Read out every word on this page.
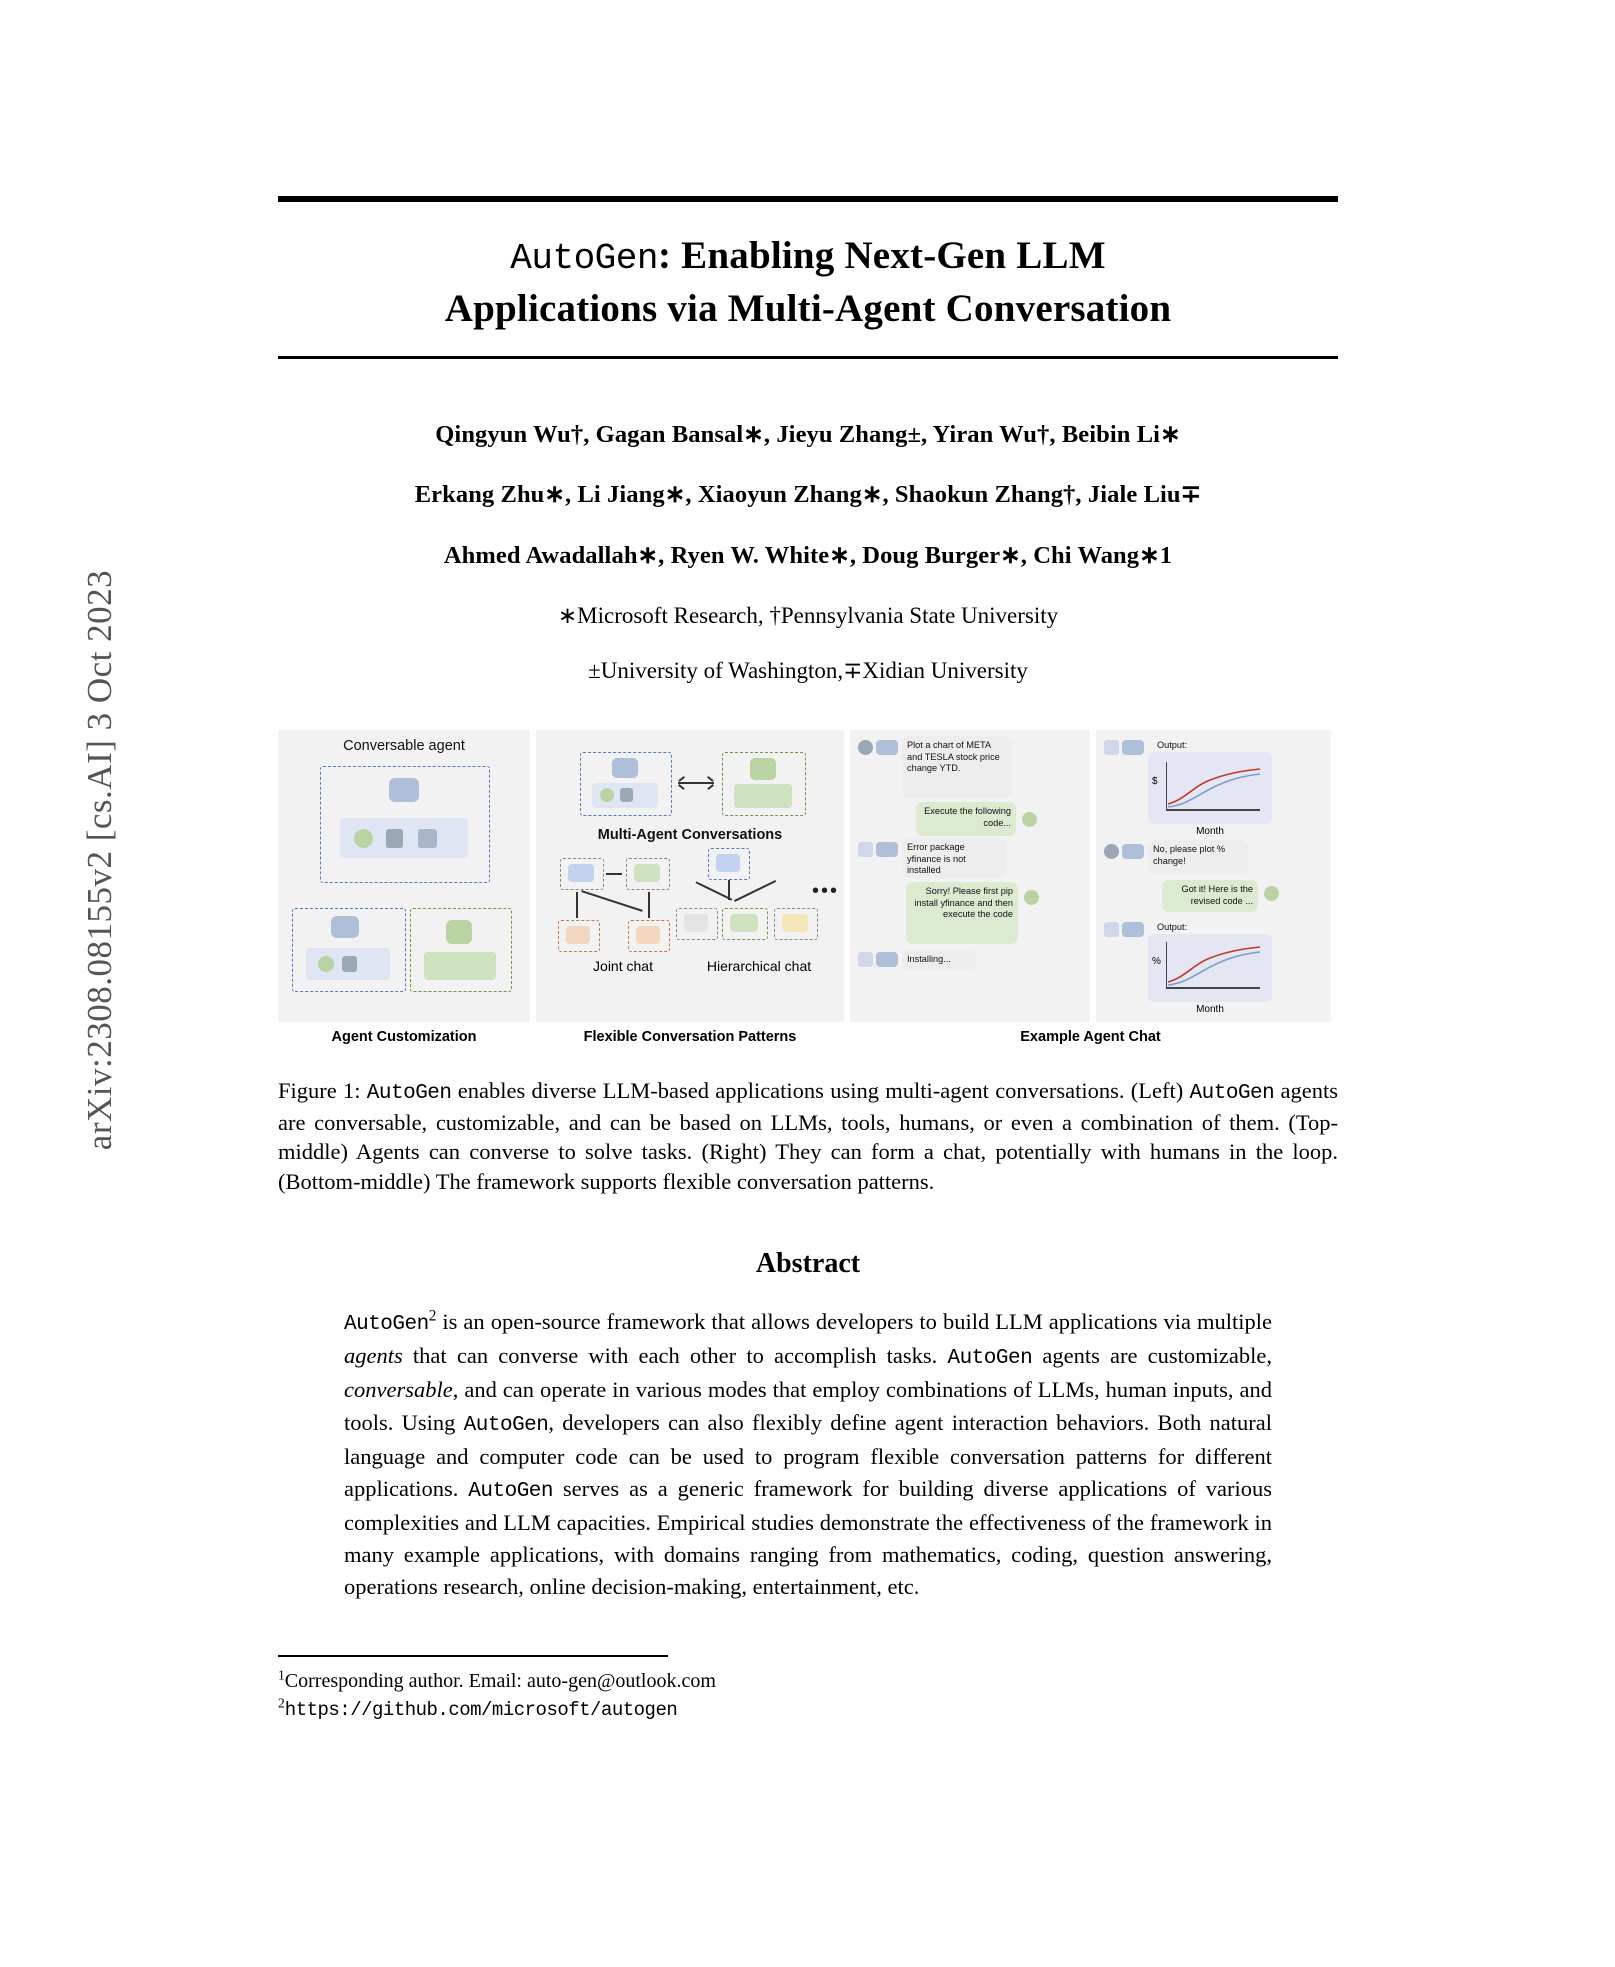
arXiv:2308.08155v2 [cs.AI] 3 Oct 2023
AutoGen: Enabling Next-Gen LLM
Applications via Multi-Agent Conversation
Qingyun Wu†, Gagan Bansal∗, Jieyu Zhang±, Yiran Wu†, Beibin Li∗
Erkang Zhu∗, Li Jiang∗, Xiaoyun Zhang∗, Shaokun Zhang†, Jiale Liu∓
Ahmed Awadallah∗, Ryen W. White∗, Doug Burger∗, Chi Wang∗1
∗Microsoft Research, †Pennsylvania State University
±University of Washington,∓Xidian University
Conversable agent
Multi-Agent Conversations
•••
Joint chat	Hierarchical chat
Plot a chart of META and TESLA stock price change YTD.
Execute the following code...
Error package yfinance is not installed
Sorry! Please first pip install yfinance and then execute the code
Installing...
Output:
$
Month
No, please plot % change!
Got it! Here is the revised code ...
Output:
%
Month
Agent Customization	Flexible Conversation Patterns	Example Agent Chat

Figure 1: AutoGen enables diverse LLM-based applications using multi-agent conversations. (Left) AutoGen agents are conversable, customizable, and can be based on LLMs, tools, humans, or even a combination of them. (Top-middle) Agents can converse to solve tasks. (Right) They can form a chat, potentially with humans in the loop. (Bottom-middle) The framework supports flexible conversation patterns.

Abstract

AutoGen$^2$ is an open-source framework that allows developers to build LLM applications via multiple agents that can converse with each other to accomplish tasks. AutoGen agents are customizable, conversable, and can operate in various modes that employ combinations of LLMs, human inputs, and tools. Using AutoGen, developers can also flexibly define agent interaction behaviors. Both natural language and computer code can be used to program flexible conversation patterns for different applications. AutoGen serves as a generic framework for building diverse applications of various complexities and LLM capacities. Empirical studies demonstrate the effectiveness of the framework in many example applications, with domains ranging from mathematics, coding, question answering, operations research, online decision-making, entertainment, etc.

$^1$Corresponding author. Email: auto-gen@outlook.com
$^2$https://github.com/microsoft/autogen
